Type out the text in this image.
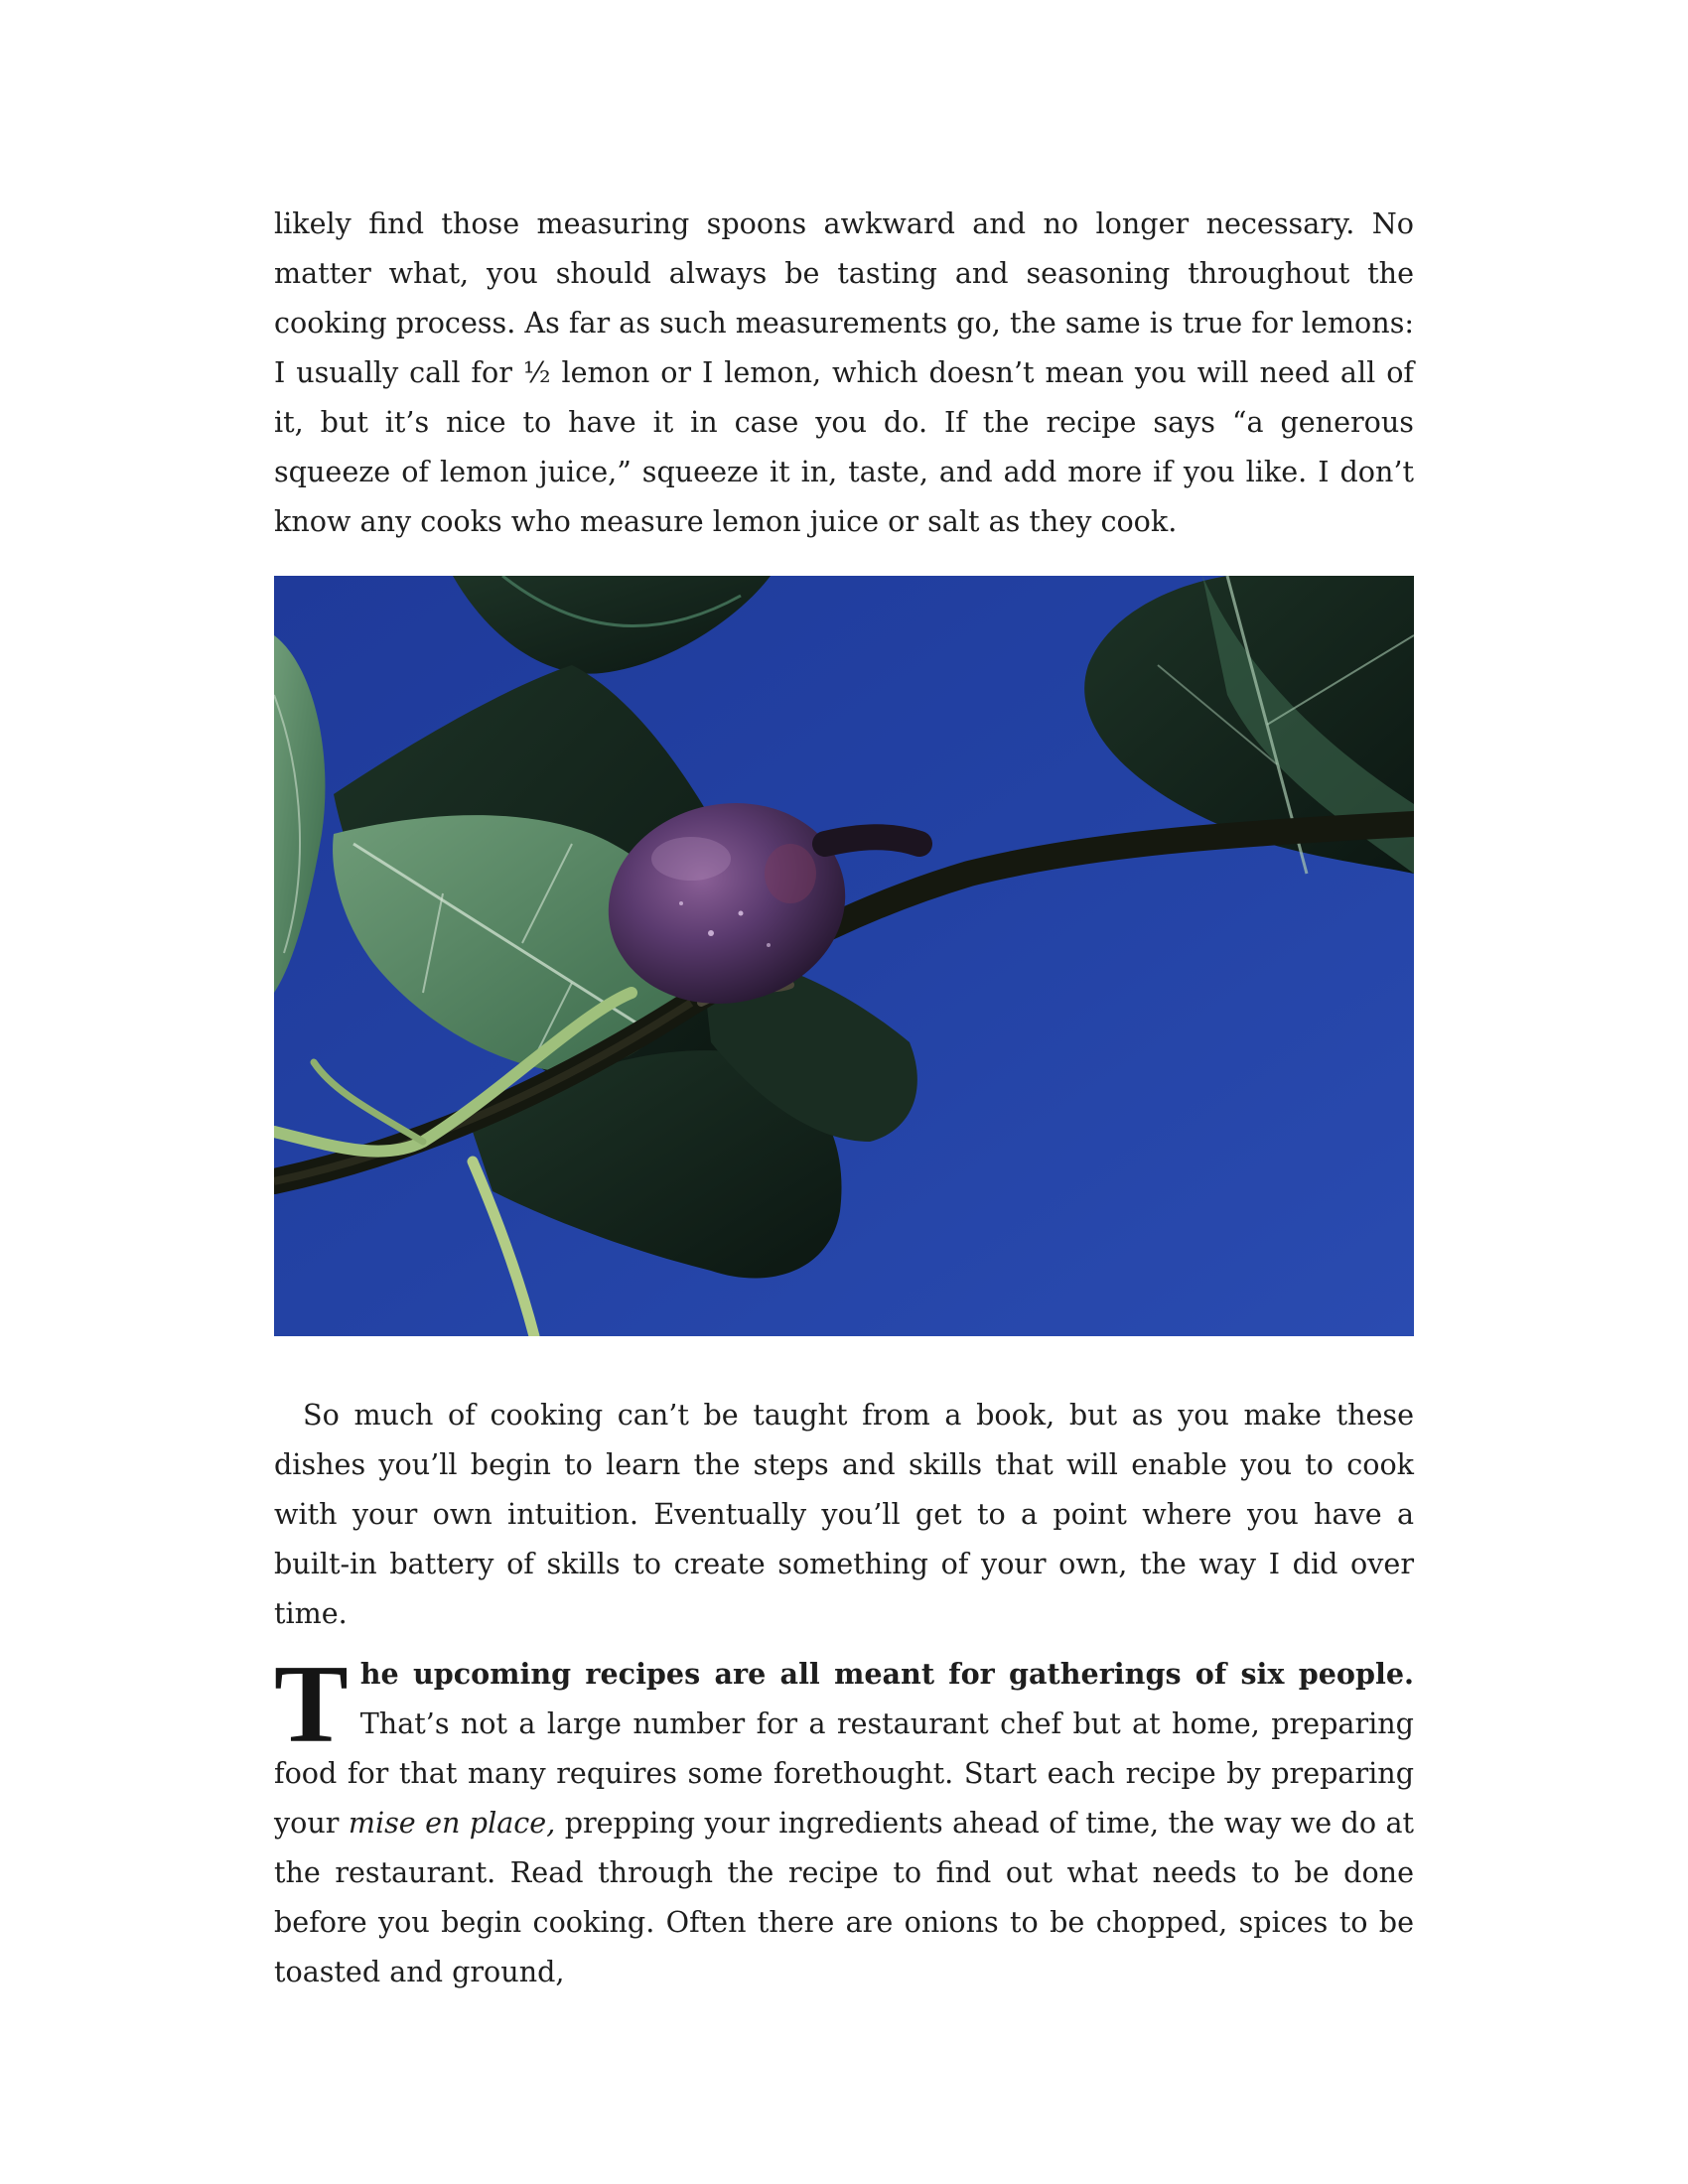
likely find those measuring spoons awkward and no longer necessary. No matter what, you should always be tasting and seasoning throughout the cooking process. As far as such measurements go, the same is true for lemons: I usually call for ½ lemon or I lemon, which doesn’t mean you will need all of it, but it’s nice to have it in case you do. If the recipe says “a generous squeeze of lemon juice,” squeeze it in, taste, and add more if you like. I don’t know any cooks who measure lemon juice or salt as they cook.

So much of cooking can’t be taught from a book, but as you make these dishes you’ll begin to learn the steps and skills that will enable you to cook with your own intuition. Eventually you’ll get to a point where you have a built-in battery of skills to create something of your own, the way I did over time.

The upcoming recipes are all meant for gatherings of six people. That’s not a large number for a restaurant chef but at home, preparing food for that many requires some forethought. Start each recipe by preparing your mise en place, prepping your ingredients ahead of time, the way we do at the restaurant. Read through the recipe to find out what needs to be done before you begin cooking. Often there are onions to be chopped, spices to be toasted and ground,
